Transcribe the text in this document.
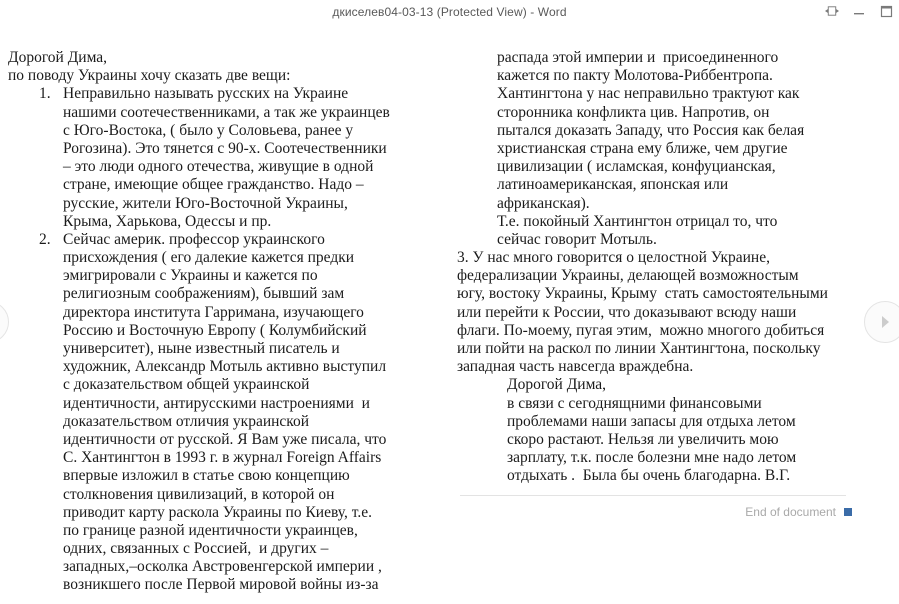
дкиселев04-03-13 (Protected View) - Word
Дорогой Дима,
по поводу Украины хочу сказать две вещи:
1. Неправильно называть русских на Украине
нашими соотечественниками, а так же украинцев
с Юго-Востока, ( было у Соловьева, ранее у
Рогозина). Это тянется с 90-х. Соотечественники
– это люди одного отечества, живущие в одной
стране, имеющие общее гражданство. Надо –
русские, жители Юго-Восточной Украины,
Крыма, Харькова, Одессы и пр.
2. Сейчас америк. профессор украинского
присхождения ( его далекие кажется предки
эмигрировали с Украины и кажется по
религиозным соображениям), бывший зам
директора института Гарримана, изучающего
Россию и Восточную Европу ( Колумбийский
университет), ныне известный писатель и
художник, Александр Мотыль активно выступил
с доказательством общей украинской
идентичности, антирусскими настроениями  и
доказательством отличия украинской
идентичности от русской. Я Вам уже писала, что
С. Хантингтон в 1993 г. в журнал Foreign Affairs
впервые изложил в статье свою концепцию
столкновения цивилизаций, в которой он
приводит карту раскола Украины по Киеву, т.е.
по границе разной идентичности украинцев,
одних, связанных с Россией,  и других –
западных,–осколка Австровенгерской империи ,
возникшего после Первой мировой войны из-за
распада этой империи и  присоединенного
кажется по пакту Молотова-Риббентропа.
Хантингтона у нас неправильно трактуют как
сторонника конфликта цив. Напротив, он
пытался доказать Западу, что Россия как белая
христианская страна ему ближе, чем другие
цивилизации ( исламская, конфуцианская,
латиноамериканская, японская или
африканская).
Т.е. покойный Хантингтон отрицал то, что
сейчас говорит Мотыль.
3. У нас много говорится о целостной Украине,
федерализации Украины, делающей возможностым
югу, востоку Украины, Крыму  стать самостоятельными
или перейти к России, что доказывают всюду наши
флаги. По-моему, пугая этим,  можно многого добиться
или пойти на раскол по линии Хантингтона, поскольку
западная часть навсегда враждебна.
Дорогой Дима,
в связи с сегоднящними финансовыми
проблемами наши запасы для отдыха летом
скоро растают. Нельзя ли увеличить мою
зарплату, т.к. после болезни мне надо летом
отдыхать .  Была бы очень благодарна. В.Г.
End of document
